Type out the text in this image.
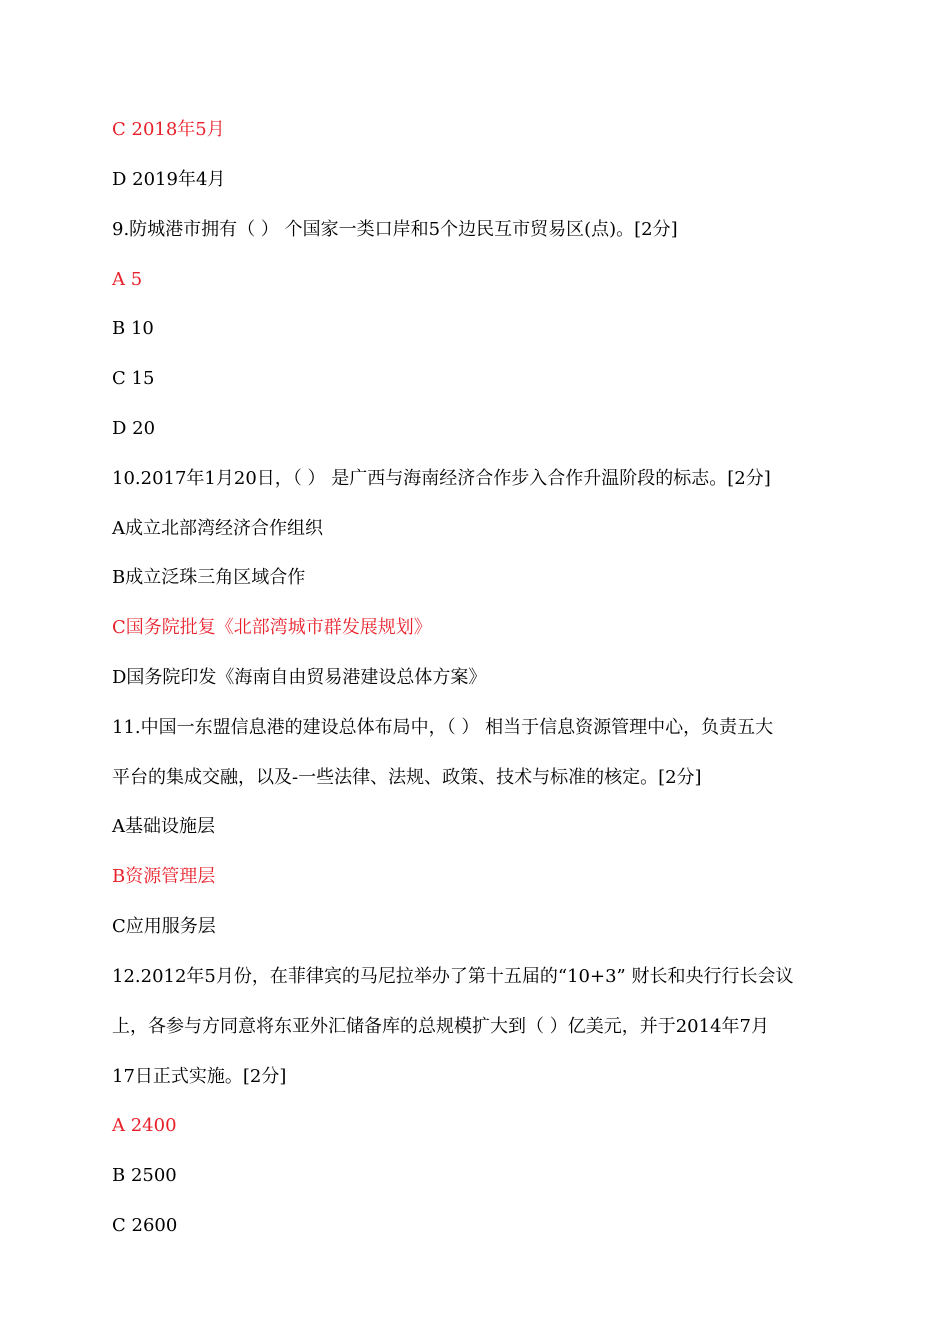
C 2018年5月
D 2019年4月
9.防城港市拥有（ ） 个国家一类口岸和5个边民互市贸易区(点)。[2分]
A 5
B 10
C 15
D 20
10.2017年1月20日，（ ） 是广西与海南经济合作步入合作升温阶段的标志。[2分]
A成立北部湾经济合作组织
B成立泛珠三角区域合作
C国务院批复《北部湾城市群发展规划》
D国务院印发《海南自由贸易港建设总体方案》
11.中国一东盟信息港的建设总体布局中，（ ） 相当于信息资源管理中心，负责五大
平台的集成交融，以及-一些法律、法规、政策、技术与标准的核定。[2分]
A基础设施层
B资源管理层
C应用服务层
12.2012年5月份，在菲律宾的马尼拉举办了第十五届的“10+3” 财长和央行行长会议
上，各参与方同意将东亚外汇储备库的总规模扩大到（ ）亿美元，并于2014年7月
17日正式实施。[2分]
A 2400
B 2500
C 2600
